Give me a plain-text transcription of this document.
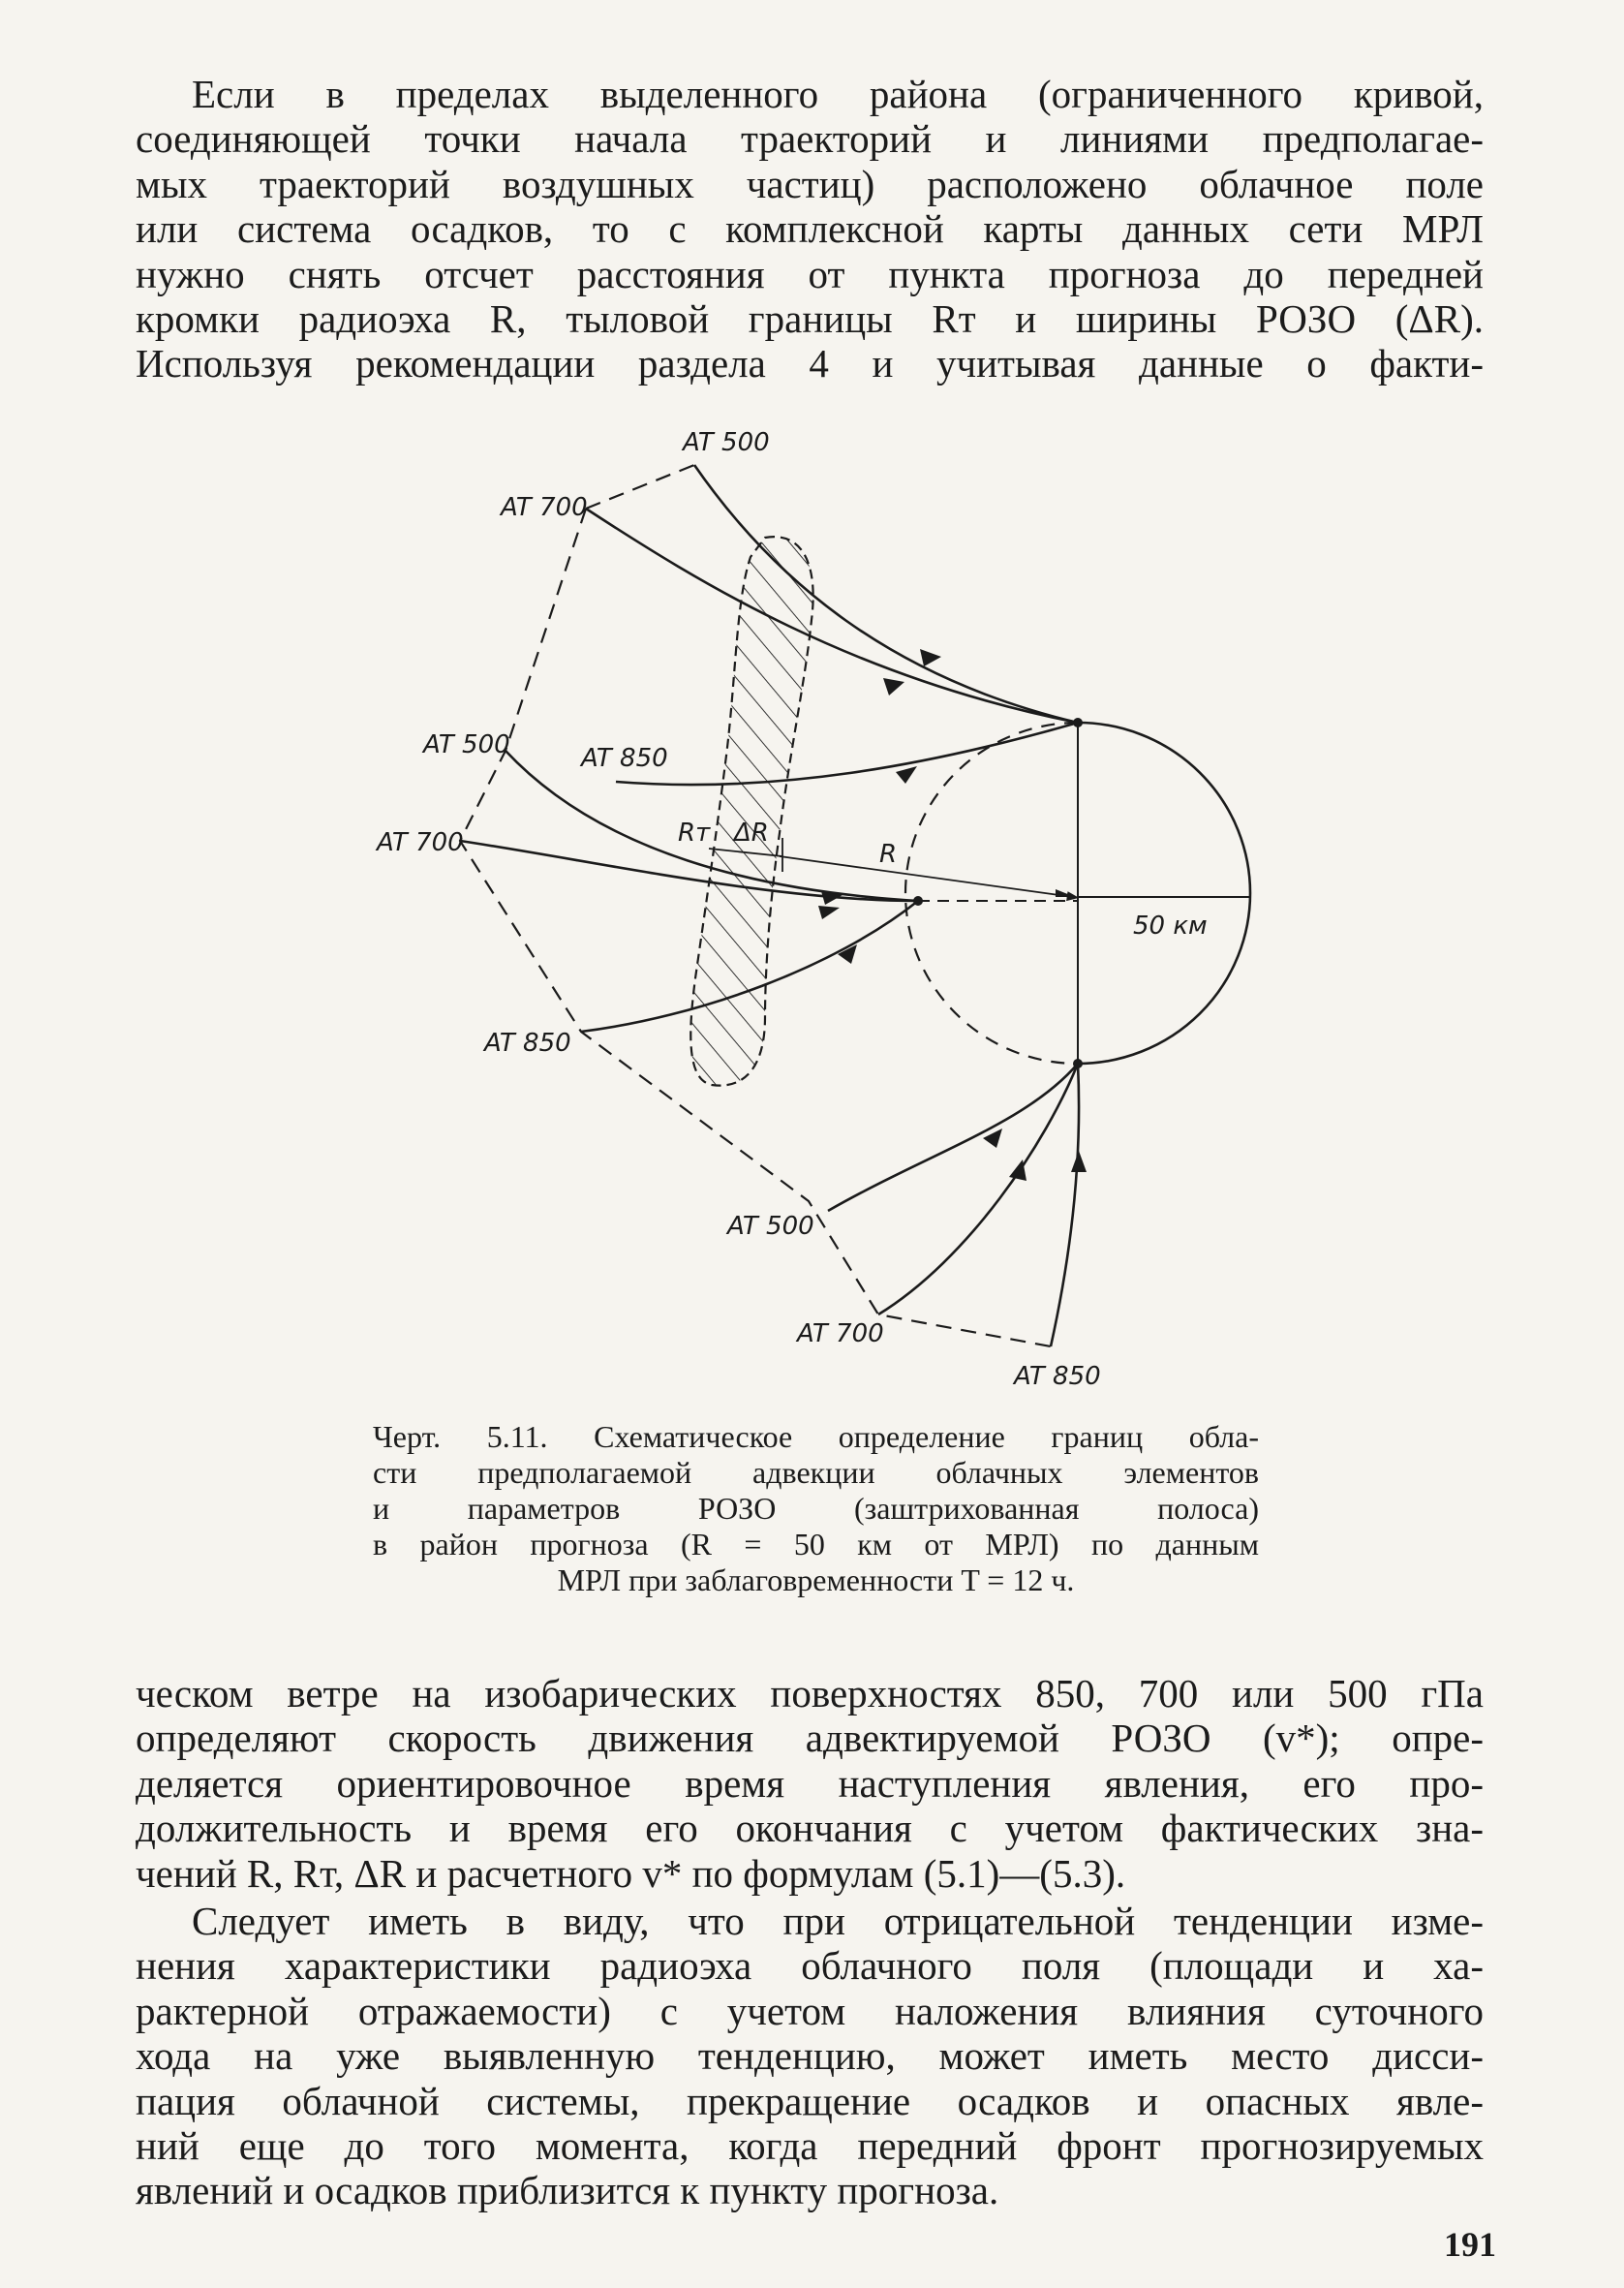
Если в пределах выделенного района (ограниченного кривой,
соединяющей точки начала траекторий и линиями предполагае-
мых траекторий воздушных частиц) расположено облачное поле
или система осадков, то с комплексной карты данных сети МРЛ
нужно снять отсчет расстояния от пункта прогноза до передней
кромки радиоэха R, тыловой границы Rт и ширины РОЗО (ΔR).
Используя рекомендации раздела 4 и учитывая данные о факти-

AT 500
AT 700
AT 500	AT 850
AT 700
AT 850
AT 500
AT 700
AT 850
Rт ΔR
R
50 км

Черт. 5.11. Схематическое определение границ обла-
сти предполагаемой адвекции облачных элементов
и параметров РОЗО (заштрихованная полоса)
в район прогноза (R = 50 км от МРЛ) по данным
МРЛ при заблаговременности T = 12 ч.

ческом ветре на изобарических поверхностях 850, 700 или 500 гПа
определяют скорость движения адвектируемой РОЗО (v*); опре-
деляется ориентировочное время наступления явления, его про-
должительность и время его окончания с учетом фактических зна-
чений R, Rт, ΔR и расчетного v* по формулам (5.1)—(5.3).

Следует иметь в виду, что при отрицательной тенденции изме-
нения характеристики радиоэха облачного поля (площади и ха-
рактерной отражаемости) с учетом наложения влияния суточного
хода на уже выявленную тенденцию, может иметь место дисси-
пация облачной системы, прекращение осадков и опасных явле-
ний еще до того момента, когда передний фронт прогнозируемых
явлений и осадков приблизится к пункту прогноза.

191
